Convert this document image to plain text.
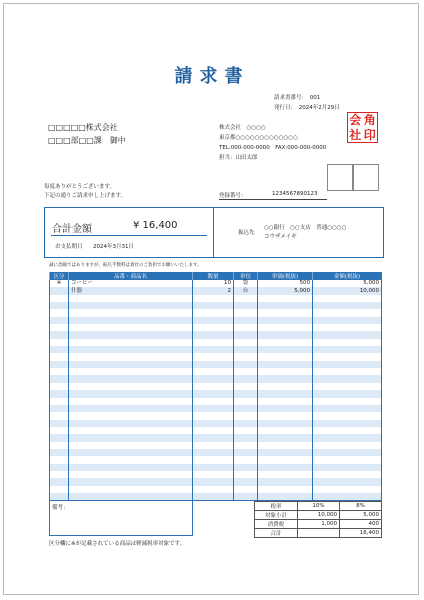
請求書
請求書番号：　001
発行日：　2024年2月29日
□□□□□株式会社
□□□部□□課　御中
株式会社　○○○○
東京都○○○○○○○○○○○○○
TEL:000-000-0000　FAX:000-000-0000
担当：山田太郎
会 角
社 印
毎度ありがとうございます。
下記の通りご請求申し上げます。	登録番号：	1234567890123
合計金額	¥ 16,400
お支払期日 2024年3月31日
振込先
○○銀行　○○支店　普通○○○○
コウザメイギ
誠に恐縮ではありますが、振込手数料は貴社のご負担でお願いいたします。
区分	品番・商品名	数量	単位	単価(税抜)	金額(税抜)
※	コーヒー	10	袋	500	5,000
	什器	2	台	5,000	10,000

備考：	税率	10%	8%
対象小計	10,000	5,000
消費税	1,000	400
合計		16,400
区分欄に※が記載されている商品は軽減税率対象です。
